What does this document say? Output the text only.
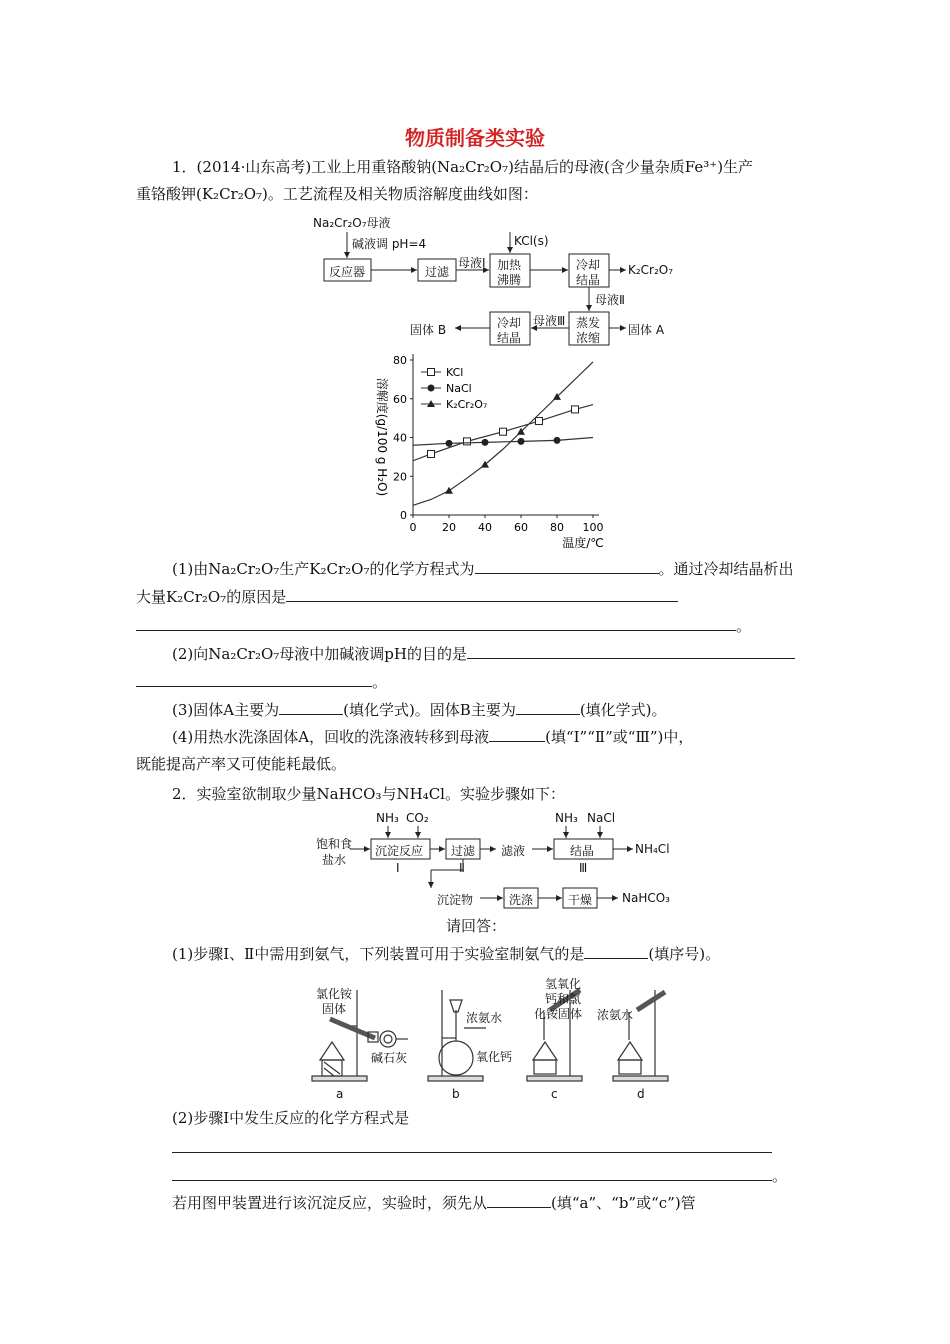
物质制备类实验
1．(2014·山东高考)工业上用重铬酸钠(Na₂Cr₂O₇)结晶后的母液(含少量杂质Fe³⁺)生产
重铬酸钾(K₂Cr₂O₇)。工艺流程及相关物质溶解度曲线如图：
Na₂Cr₂O₇母液
碱液调 pH=4
反应器	过滤
母液Ⅰ
KCl(s)
加热
沸腾
冷却
结晶
K₂Cr₂O₇
母液Ⅱ
蒸发
浓缩
固体 A
母液Ⅲ
冷却
结晶
固体 B
0 20 40 60 80 100
0
20
40
60
80
温度/℃
溶解度(g/100 g H₂O)
KCl
NaCl
K₂Cr₂O₇
(1)由Na₂Cr₂O₇生产K₂Cr₂O₇的化学方程式为	。通过冷却结晶析出
大量K₂Cr₂O₇的原因是
。
(2)向Na₂Cr₂O₇母液中加碱液调pH的目的是
。
(3)固体A主要为	(填化学式)。固体B主要为	(填化学式)。
(4)用热水洗涤固体A，回收的洗涤液转移到母液	(填“Ⅰ”“Ⅱ”或“Ⅲ”)中，
既能提高产率又可使能耗最低。
2．实验室欲制取少量NaHCO₃与NH₄Cl。实验步骤如下：
饱和食
盐水
NH₃ CO₂
沉淀反应
Ⅰ
过滤
Ⅱ
滤液
NH₃ NaCl
结晶
Ⅲ
NH₄Cl
沉淀物	洗涤	干燥 NaHCO₃
请回答：
(1)步骤Ⅰ、Ⅱ中需用到氨气，下列装置可用于实验室制氨气的是	(填序号)。
氯化铵
固体
碱石灰
浓氨水
氧化钙
氢氧化
钙和氯
化铵固体 浓氨水
a	b	c	d
(2)步骤Ⅰ中发生反应的化学方程式是
。
若用图甲装置进行该沉淀反应，实验时，须先从	(填“a”、“b”或“c”)管
